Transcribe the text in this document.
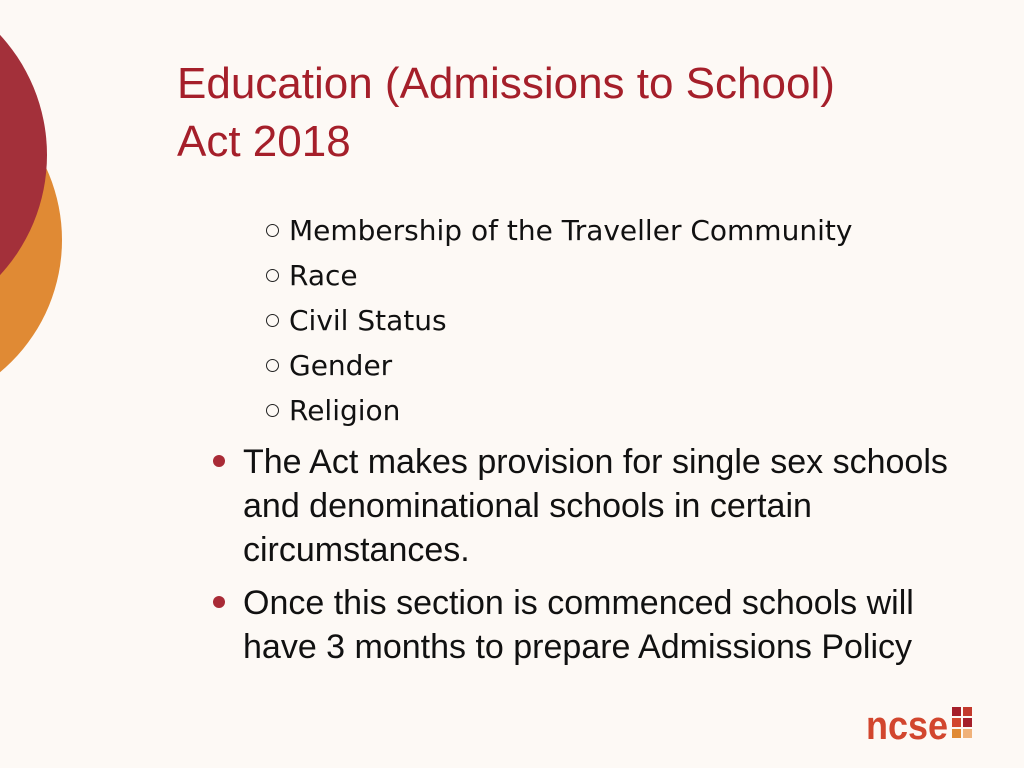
Education (Admissions to School)
Act 2018
Membership of the Traveller Community
Race
Civil Status
Gender
Religion
The Act makes provision for single sex schools and denominational schools in certain circumstances.
Once this section is commenced schools will have 3 months to prepare Admissions Policy
ncse
